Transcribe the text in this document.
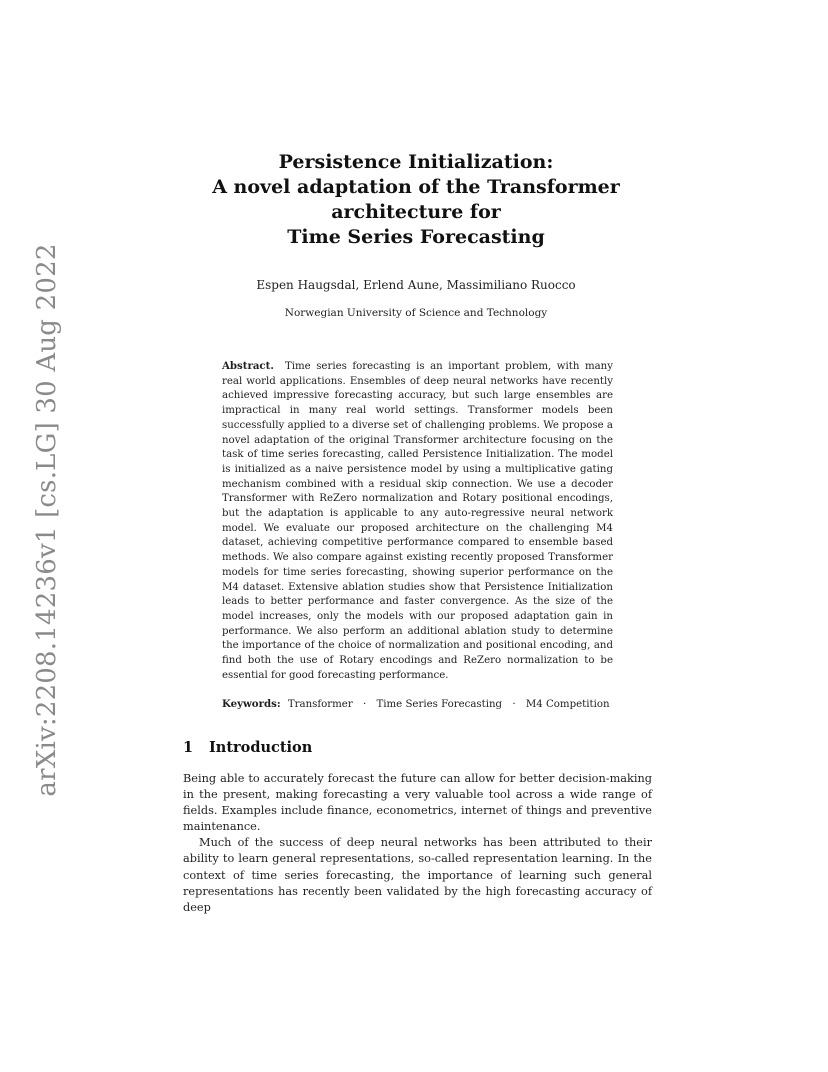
arXiv:2208.14236v1 [cs.LG] 30 Aug 2022
Persistence Initialization:
A novel adaptation of the Transformer
architecture for
Time Series Forecasting
Espen Haugsdal, Erlend Aune, Massimiliano Ruocco
Norwegian University of Science and Technology
Abstract. Time series forecasting is an important problem, with many real world applications. Ensembles of deep neural networks have recently achieved impressive forecasting accuracy, but such large ensembles are impractical in many real world settings. Transformer models been successfully applied to a diverse set of challenging problems. We propose a novel adaptation of the original Transformer architecture focusing on the task of time series forecasting, called Persistence Initialization. The model is initialized as a naive persistence model by using a multiplicative gating mechanism combined with a residual skip connection. We use a decoder Transformer with ReZero normalization and Rotary positional encodings, but the adaptation is applicable to any auto-regressive neural network model. We evaluate our proposed architecture on the challenging M4 dataset, achieving competitive performance compared to ensemble based methods. We also compare against existing recently proposed Transformer models for time series forecasting, showing superior performance on the M4 dataset. Extensive ablation studies show that Persistence Initialization leads to better performance and faster convergence. As the size of the model increases, only the models with our proposed adaptation gain in performance. We also perform an additional ablation study to determine the importance of the choice of normalization and positional encoding, and find both the use of Rotary encodings and ReZero normalization to be essential for good forecasting performance.
Keywords: Transformer · Time Series Forecasting · M4 Competition
1 Introduction

Being able to accurately forecast the future can allow for better decision-making in the present, making forecasting a very valuable tool across a wide range of fields. Examples include finance, econometrics, internet of things and preventive maintenance.

Much of the success of deep neural networks has been attributed to their ability to learn general representations, so-called representation learning. In the context of time series forecasting, the importance of learning such general representations has recently been validated by the high forecasting accuracy of deep
